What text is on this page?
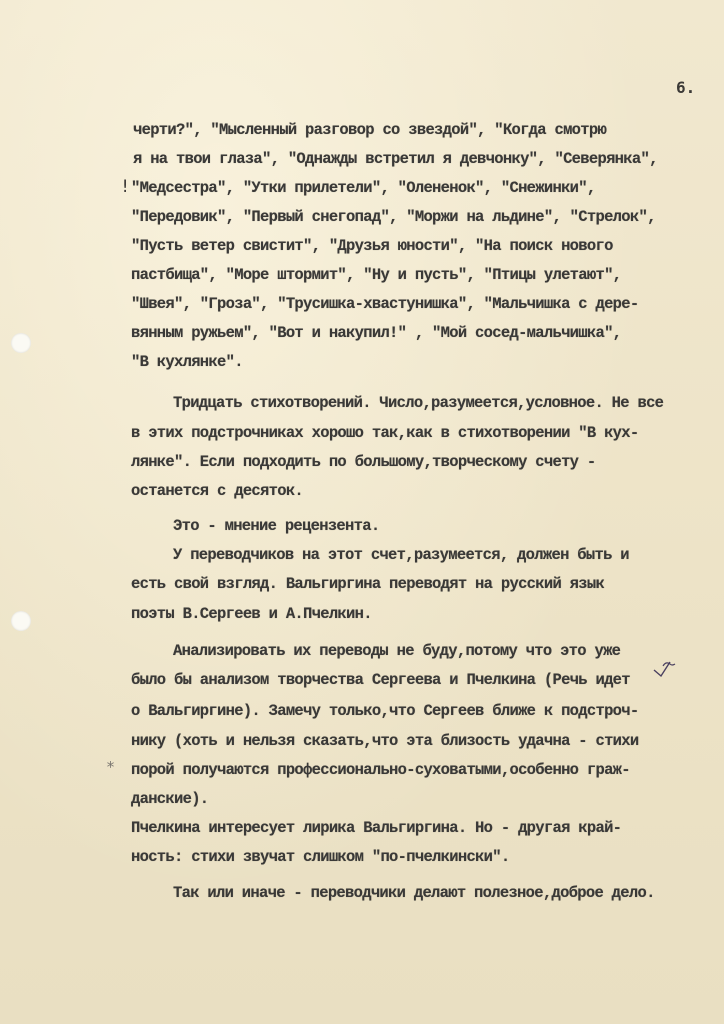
!
*
6.

черти?", "Мысленный разговор со звездой", "Когда смотрю

я на твои глаза", "Однажды встретил я девчонку", "Северянка",

"Медсестра", "Утки прилетели", "Олененок", "Снежинки",

"Передовик", "Первый снегопад", "Моржи на льдине", "Стрелок",

"Пусть ветер свистит", "Друзья юности", "На поиск нового

пастбища", "Море штормит", "Ну и пусть", "Птицы улетают",

"Швея", "Гроза", "Трусишка-хвастунишка", "Мальчишка с дере-

вянным ружьем", "Вот и накупил!" , "Мой сосед-мальчишка",

"В кухлянке".

Тридцать стихотворений. Число,разумеется,условное. Не все

в этих подстрочниках хорошо так,как в стихотворении "В кух-

лянке". Если подходить по большому,творческому счету -

останется с десяток.

Это - мнение рецензента.

У переводчиков на этот счет,разумеется, должен быть и

есть свой взгляд. Вальгиргина переводят на русский язык

поэты В.Сергеев и А.Пчелкин.

Анализировать их переводы не буду,потому что это уже

было бы анализом творчества Сергеева и Пчелкина (Речь идет

о Вальгиргине). Замечу только,что Сергеев ближе к подстроч-

нику (хоть и нельзя сказать,что эта близость удачна - стихи

порой получаются профессионально-суховатыми,особенно граж-

данские).

Пчелкина интересует лирика Вальгиргина. Но - другая край-

ность: стихи звучат слишком "по-пчелкински".

Так или иначе - переводчики делают полезное,доброе дело.
